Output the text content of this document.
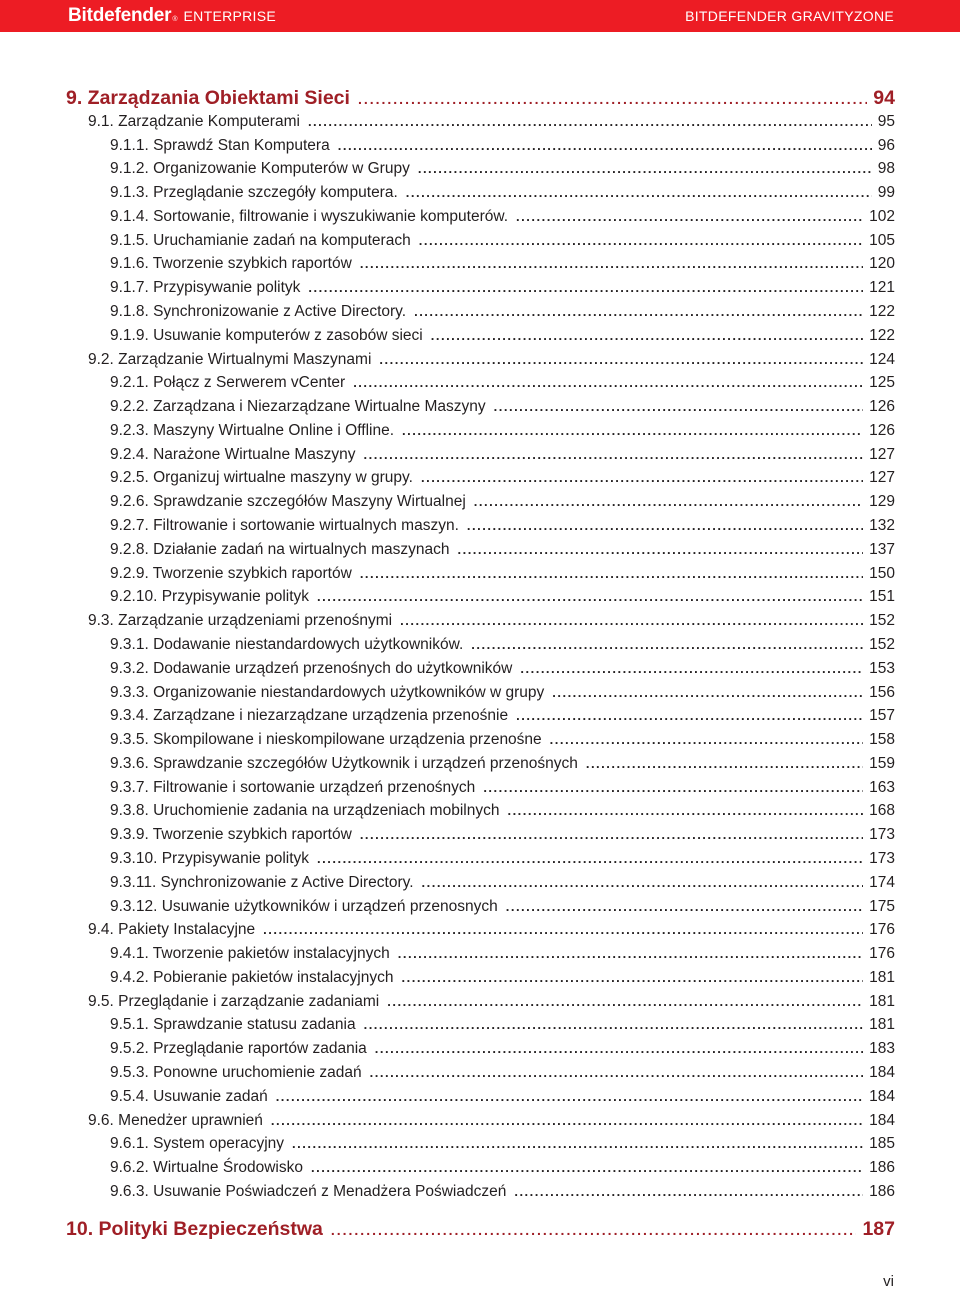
Bitdefender ® ENTERPRISE	BITDEFENDER GRAVITYZONE
9. Zarządzania Obiektami Sieci .....	94
9.1. Zarządzanie Komputerami .....	95
9.1.1. Sprawdź Stan Komputera .....	96
9.1.2. Organizowanie Komputerów w Grupy .....	98
9.1.3. Przeglądanie szczegóły komputera. .....	99
9.1.4. Sortowanie, filtrowanie i wyszukiwanie komputerów. .....	102
9.1.5. Uruchamianie zadań na komputerach .....	105
9.1.6. Tworzenie szybkich raportów .....	120
9.1.7. Przypisywanie polityk .....	121
9.1.8. Synchronizowanie z Active Directory. .....	122
9.1.9. Usuwanie komputerów z zasobów sieci .....	122
9.2. Zarządzanie Wirtualnymi Maszynami .....	124
9.2.1. Połącz z Serwerem vCenter .....	125
9.2.2. Zarządzana i Niezarządzane Wirtualne Maszyny .....	126
9.2.3. Maszyny Wirtualne Online i Offline. .....	126
9.2.4. Narażone Wirtualne Maszyny .....	127
9.2.5. Organizuj wirtualne maszyny w grupy. .....	127
9.2.6. Sprawdzanie szczegółów Maszyny Wirtualnej .....	129
9.2.7. Filtrowanie i sortowanie wirtualnych maszyn. .....	132
9.2.8. Działanie zadań na wirtualnych maszynach .....	137
9.2.9. Tworzenie szybkich raportów .....	150
9.2.10. Przypisywanie polityk .....	151
9.3. Zarządzanie urządzeniami przenośnymi .....	152
9.3.1. Dodawanie niestandardowych użytkowników. .....	152
9.3.2. Dodawanie urządzeń przenośnych do użytkowników .....	153
9.3.3. Organizowanie niestandardowych użytkowników w grupy .....	156
9.3.4. Zarządzane i niezarządzane urządzenia przenośnie .....	157
9.3.5. Skompilowane i nieskompilowane urządzenia przenośne .....	158
9.3.6. Sprawdzanie szczegółów Użytkownik i urządzeń przenośnych .....	159
9.3.7. Filtrowanie i sortowanie urządzeń przenośnych .....	163
9.3.8. Uruchomienie zadania na urządzeniach mobilnych .....	168
9.3.9. Tworzenie szybkich raportów .....	173
9.3.10. Przypisywanie polityk .....	173
9.3.11. Synchronizowanie z Active Directory. .....	174
9.3.12. Usuwanie użytkowników i urządzeń przenosnych .....	175
9.4. Pakiety Instalacyjne .....	176
9.4.1. Tworzenie pakietów instalacyjnych .....	176
9.4.2. Pobieranie pakietów instalacyjnych .....	181
9.5. Przeglądanie i zarządzanie zadaniami .....	181
9.5.1. Sprawdzanie statusu zadania .....	181
9.5.2. Przeglądanie raportów zadania .....	183
9.5.3. Ponowne uruchomienie zadań .....	184
9.5.4. Usuwanie zadań .....	184
9.6. Menedżer uprawnień .....	184
9.6.1. System operacyjny .....	185
9.6.2. Wirtualne Środowisko .....	186
9.6.3. Usuwanie Poświadczeń z Menadżera Poświadczeń .....	186
10. Polityki Bezpieczeństwa .....	187
vi
